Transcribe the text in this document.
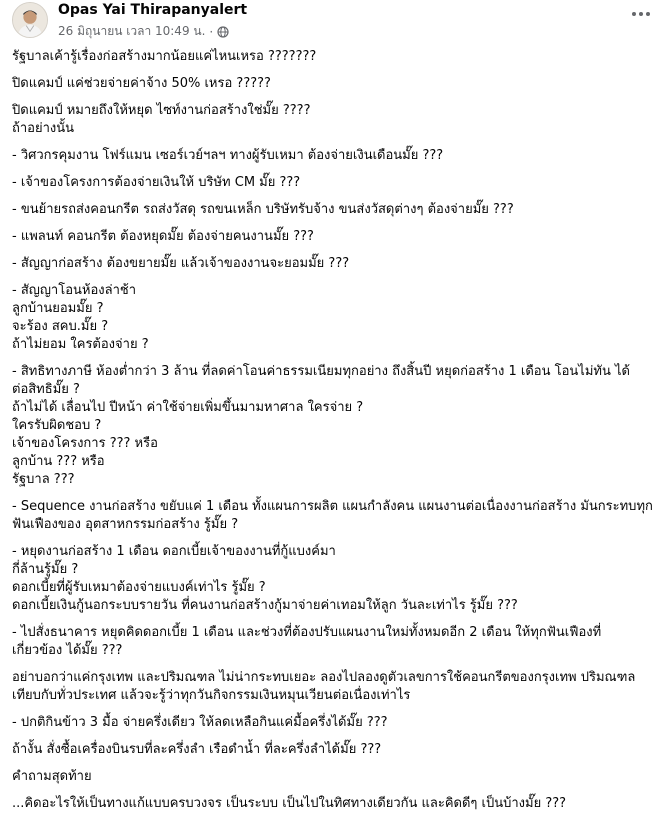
Opas Yai Thirapanyalert
26 มิถุนายน เวลา 10:49 น. ·

รัฐบาลเค้ารู้เรื่องก่อสร้างมากน้อยแค่ไหนเหรอ ???????

ปิดแคมป์ แค่ช่วยจ่ายค่าจ้าง 50% เหรอ ?????

ปิดแคมป์ หมายถึงให้หยุด ไซท์งานก่อสร้างใช่มั๊ย ????

ถ้าอย่างนั้น

- วิศวกรคุมงาน โฟร์แมน เซอร์เวย์ฯลฯ ทางผู้รับเหมา ต้องจ่ายเงินเดือนมั๊ย ???

- เจ้าของโครงการต้องจ่ายเงินให้ บริษัท CM มั๊ย ???

- ขนย้ายรถส่งคอนกรีต รถส่งวัสดุ รถขนเหล็ก บริษัทรับจ้าง ขนส่งวัสดุต่างๆ ต้องจ่ายมั๊ย ???

- แพลนท์ คอนกรีต ต้องหยุดมั๊ย ต้องจ่ายคนงานมั๊ย ???

- สัญญาก่อสร้าง ต้องขยายมั๊ย แล้วเจ้าของงานจะยอมมั๊ย ???

- สัญญาโอนห้องล่าช้า

ลูกบ้านยอมมั๊ย ?

จะร้อง สคบ.มั๊ย ?

ถ้าไม่ยอม ใครต้องจ่าย ?

- สิทธิทางภาษี ห้องต่ำกว่า 3 ล้าน ที่ลดค่าโอนค่าธรรมเนียมทุกอย่าง ถึงสิ้นปี หยุดก่อสร้าง 1 เดือน โอนไม่ทัน ได้

ต่อสิทธิมั๊ย ?

ถ้าไม่ได้ เลื่อนไป ปีหน้า ค่าใช้จ่ายเพิ่มขึ้นมามหาศาล ใครจ่าย ?

ใครรับผิดชอบ ?

เจ้าของโครงการ ??? หรือ

ลูกบ้าน ??? หรือ

รัฐบาล ???

- Sequence งานก่อสร้าง ขยับแค่ 1 เดือน ทั้งแผนการผลิต แผนกำลังคน แผนงานต่อเนื่องงานก่อสร้าง มันกระทบทุก

ฟันเฟืองของ อุตสาหกรรมก่อสร้าง รู้มั๊ย ?

- หยุดงานก่อสร้าง 1 เดือน ดอกเบี้ยเจ้าของงานที่กู้แบงค์มา

กี่ล้านรู้มั๊ย ?

ดอกเบี้ยที่ผู้รับเหมาต้องจ่ายแบงค์เท่าไร รู้มั๊ย ?

ดอกเบี้ยเงินกู้นอกระบบรายวัน ที่คนงานก่อสร้างกู้มาจ่ายค่าเทอมให้ลูก วันละเท่าไร รู้มั๊ย ???

- ไปสั่งธนาคาร หยุดคิดดอกเบี้ย 1 เดือน และช่วงที่ต้องปรับแผนงานใหม่ทั้งหมดอีก 2 เดือน ให้ทุกฟันเฟืองที่

เกี่ยวข้อง ได้มั๊ย ???

อย่าบอกว่าแค่กรุงเทพ และปริมณฑล ไม่น่ากระทบเยอะ ลองไปลองดูตัวเลขการใช้คอนกรีตของกรุงเทพ ปริมณฑล

เทียบกับทั่วประเทศ แล้วจะรู้ว่าทุกวันกิจกรรมเงินหมุนเวียนต่อเนื่องเท่าไร

- ปกติกินข้าว 3 มื้อ จ่ายครึ่งเดียว ให้ลดเหลือกินแค่มื้อครึ่งได้มั๊ย ???

ถ้างั้น สั่งซื้อเครื่องบินรบที่ละครึ่งลำ เรือดำน้ำ ที่ละครึ่งลำได้มั๊ย ???

คำถามสุดท้าย

...คิดอะไรให้เป็นทางแก้แบบครบวงจร เป็นระบบ เป็นไปในทิศทางเดียวกัน และคิดดีๆ เป็นบ้างมั๊ย ???
